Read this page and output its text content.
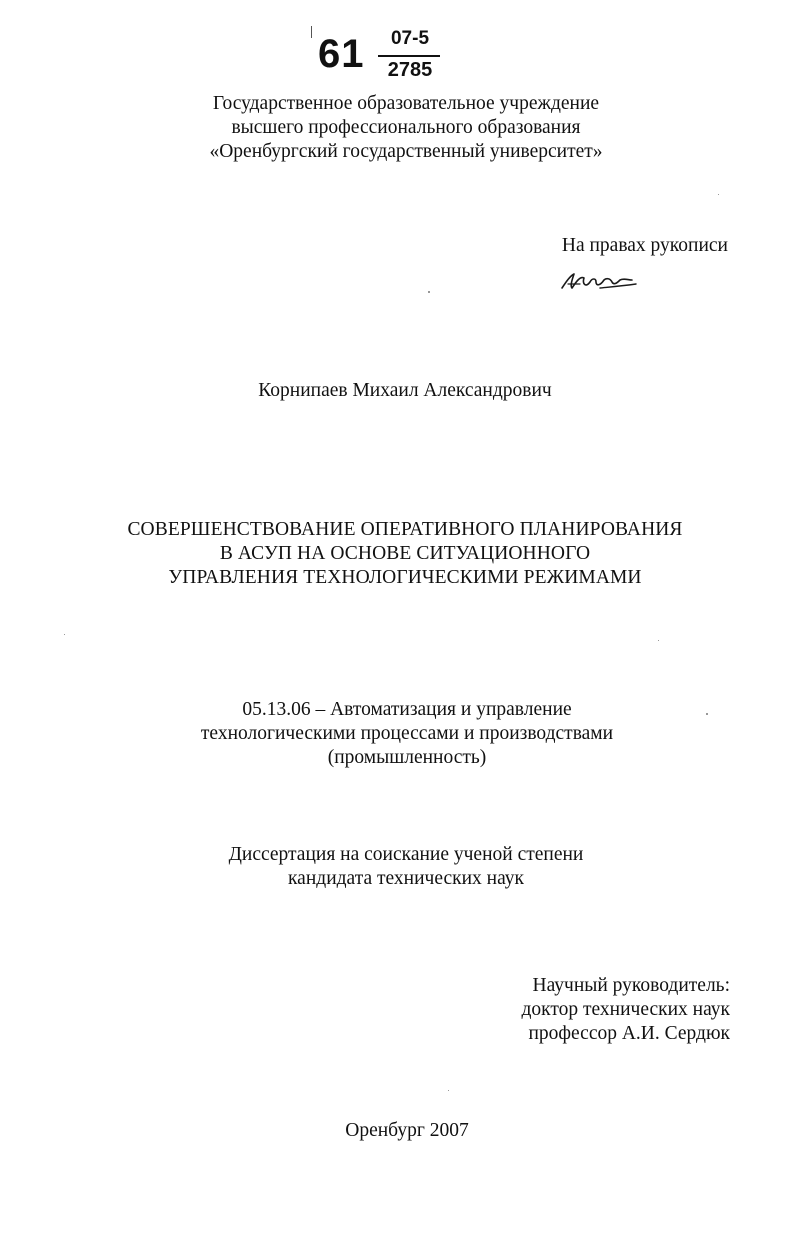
61	07-5
2785
Государственное образовательное учреждение
высшего профессионального образования
«Оренбургский государственный университет»
На правах рукописи
Корнипаев Михаил Александрович
СОВЕРШЕНСТВОВАНИЕ ОПЕРАТИВНОГО ПЛАНИРОВАНИЯ
В АСУП НА ОСНОВЕ СИТУАЦИОННОГО
УПРАВЛЕНИЯ ТЕХНОЛОГИЧЕСКИМИ РЕЖИМАМИ
05.13.06 – Автоматизация и управление
технологическими процессами и производствами
(промышленность)
Диссертация на соискание ученой степени
кандидата технических наук
Научный руководитель:
доктор технических наук
профессор А.И. Сердюк
Оренбург 2007
